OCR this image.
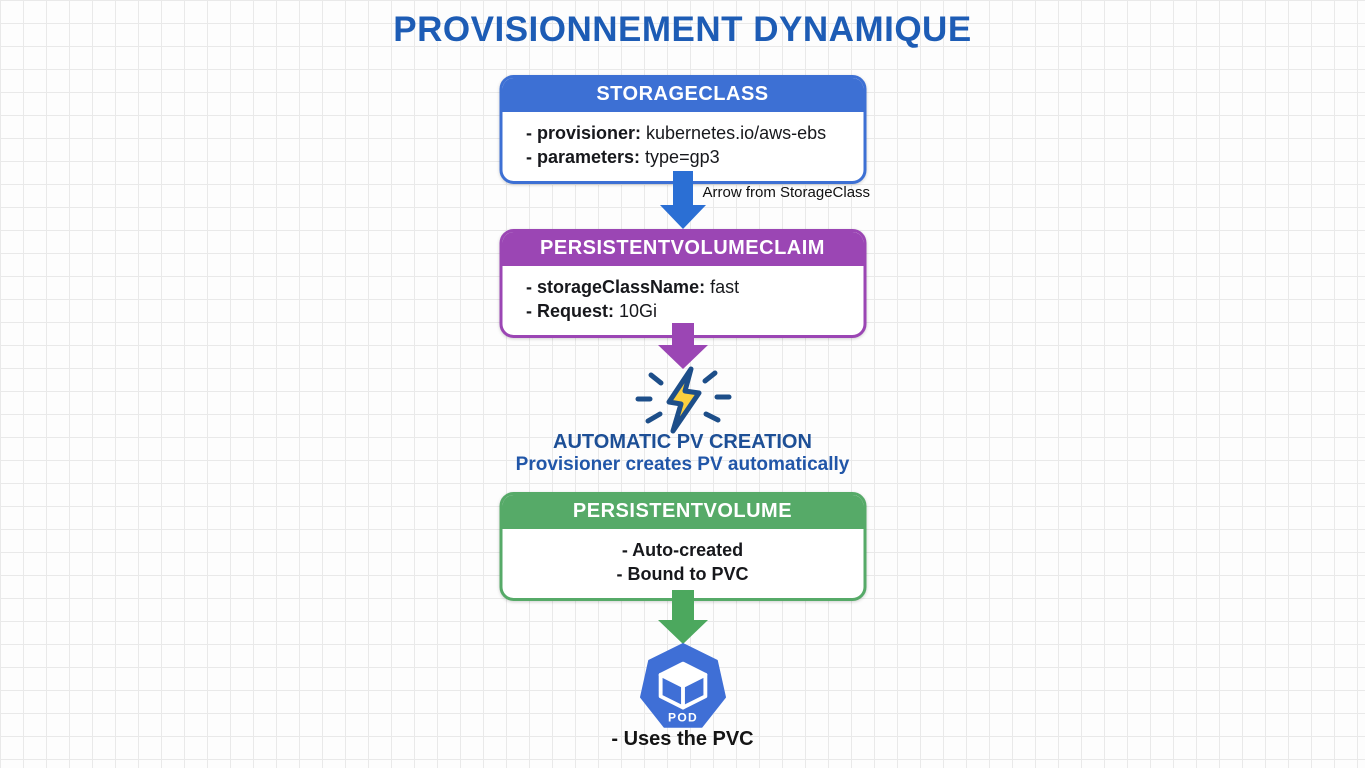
PROVISIONNEMENT DYNAMIQUE
STORAGECLASS
- provisioner: kubernetes.io/aws-ebs
- parameters: type=gp3
Arrow from StorageClass
PERSISTENTVOLUMECLAIM
- storageClassName: fast
- Request: 10Gi
AUTOMATIC PV CREATION
Provisioner creates PV automatically
PERSISTENTVOLUME
- Auto-created
- Bound to PVC
POD
- Uses the PVC
